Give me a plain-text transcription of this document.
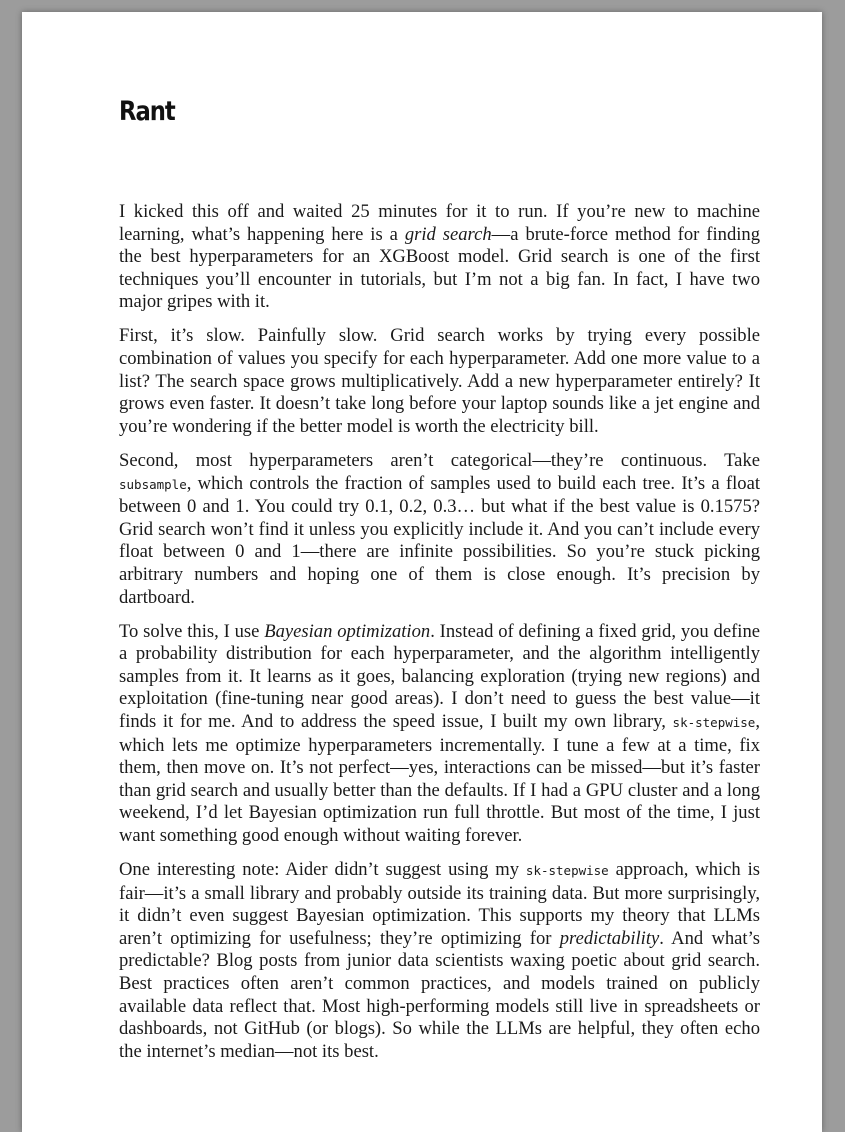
Rant

I kicked this off and waited 25 minutes for it to run. If you’re new to machine learning, what’s happening here is a grid search—a brute-force method for finding the best hyperparameters for an XGBoost model. Grid search is one of the first techniques you’ll encounter in tutorials, but I’m not a big fan. In fact, I have two major gripes with it.

First, it’s slow. Painfully slow. Grid search works by trying every possible combination of values you specify for each hyperparameter. Add one more value to a list? The search space grows multiplicatively. Add a new hyperparameter entirely? It grows even faster. It doesn’t take long before your laptop sounds like a jet engine and you’re wondering if the better model is worth the electricity bill.

Second, most hyperparameters aren’t categorical—they’re continuous. Take subsample, which controls the fraction of samples used to build each tree. It’s a float between 0 and 1. You could try 0.1, 0.2, 0.3… but what if the best value is 0.1575? Grid search won’t find it unless you explicitly include it. And you can’t include every float between 0 and 1—there are infinite possibilities. So you’re stuck picking arbitrary numbers and hoping one of them is close enough. It’s precision by dartboard.

To solve this, I use Bayesian optimization. Instead of defining a fixed grid, you define a probability distribution for each hyperparameter, and the algorithm intelligently samples from it. It learns as it goes, balancing exploration (trying new regions) and exploitation (fine-tuning near good areas). I don’t need to guess the best value—it finds it for me. And to address the speed issue, I built my own library, sk-stepwise, which lets me optimize hyperparameters incrementally. I tune a few at a time, fix them, then move on. It’s not perfect—yes, interactions can be missed—but it’s faster than grid search and usually better than the defaults. If I had a GPU cluster and a long weekend, I’d let Bayesian optimization run full throttle. But most of the time, I just want something good enough without waiting forever.

One interesting note: Aider didn’t suggest using my sk-stepwise approach, which is fair—it’s a small library and probably outside its training data. But more surprisingly, it didn’t even suggest Bayesian optimization. This supports my theory that LLMs aren’t optimizing for usefulness; they’re optimizing for predictability. And what’s predictable? Blog posts from junior data scientists waxing poetic about grid search. Best practices often aren’t common practices, and models trained on publicly available data reflect that. Most high-performing models still live in spreadsheets or dashboards, not GitHub (or blogs). So while the LLMs are helpful, they often echo the internet’s median—not its best.
